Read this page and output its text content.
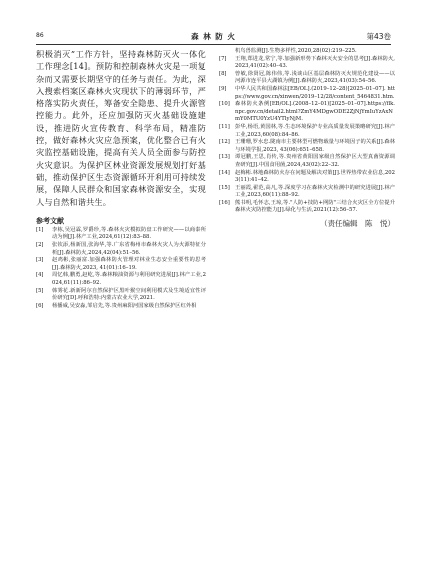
86	森 林 防 火	第43卷
积极消灭”工作方针，坚持森林防灭火一体化工作理念[14]。预防和控制森林火灾是一项复杂而又需要长期坚守的任务与责任。为此，深入搜索档案区森林火灾现状下的薄弱环节，严格落实防火责任，筹备安全隐患、提升火源管控能力。此外，还应加强防灭火基础设施建设，推进防火宣传教育、科学布局，精准防控，做好森林火灾应急预案，优化整合已有火灾监控基础设施，提高有关人员全面参与防控火灾意识。为保护区林业资源发展规划打好基础，推动保护区生态资源循环开利用可持续发展，保障人民群众和国家森林资源安全，实现人与自然和谐共生。
参考文献
[1]	李栋,吴冠霖,罗爵珍,等.森林火灾模拟防盘工作研究——以商泰所动为例[J].林产工业,2024,61(12):83–88.
[2]	张钦添,杨新国,张海华,等.广东省梅州市森林火灾人为火源特征分析[J].森林防火,2024,42(04):51–56.
[3]	赵鸡彬,张丽富.加强森林防火管理对林业生态安全重要性的思考[J].森林防火,2023, 41(01):16–19.
[4]	周忆韩,鹏勇,赵屹,等.森林粮油资源与利用研究进展[J].林产工业,2024,61(11):86–92.
[5]	韩雾花.新新阿尔自然保护区黑叶猴空间利用模式及生境适宜性评价研究[D].呼和浩特:内蒙古农业大学,2021.
[6]	杨播威,吴安淼,邹启先,等.贵州麻阳河国家级自然保护区红外相
机鸟兽监测[J].生物多样性,2020,28(02):219–225.
[7]	王翔,郑进龙,常宁,等.加强新形势下森林灭火安全的思考[J].森林防火,2023,41(02):40–43.
[8]	曾敏,徐贤冠,陈伟伟,等.浅谈山区基层森林防灭火规范化建设——以河源市连平县大湖镇为例[J].森林防火,2023,41(03):54–56.
[9]	中华人民共和国森林法[EB/OL].(2019–12–28)[2025–01–07]. https://www.gov.cn/xinwen/2019–12/28/content_5464831.htm.
[10] 森林防火条例[EB/OL].(2008–12–01)[2025–01–07].https://flk.npc.gov.cn/detail2.html?ZmY4MDgwODE2ZjNjYmIuYzAxNmY0MTU0YzU4YTlyNjM.
[11] 彭华,杨语,黄国林,等.生态环境保护专业高质量发展策略研究[J].林产工业,2023,60(08):84–86.
[12] 王珊珊,罗水忠.陇南市主要林型可燃物载量与环境因子的关系[J].森林与环境学报,2023, 43(06):651–658.
[13] 谭冠鹏,王思,肖传,等.贵州省黄阳国家级自然保护区大型真菌资源调查研究[J].中国食用菌,2024,43(02):22–32.
[14] 赵梅彬.林地森林防火存在问题及解决对策[J].世界热带农业信息,2023(11):41–42.
[15] 王丽霞,翟范,高凡,等.深度学习在森林火灾检测中的研究进展[J].林产工业,2023,60(11):88–92.
[16] 熊书明,毛怀志,王琼,等."人防+技防+网防"三结合火灾区全方位提升森林火灾防控能力[J].绿化与生活,2021(12):56–57.
（责任编辑　陈　悦）
